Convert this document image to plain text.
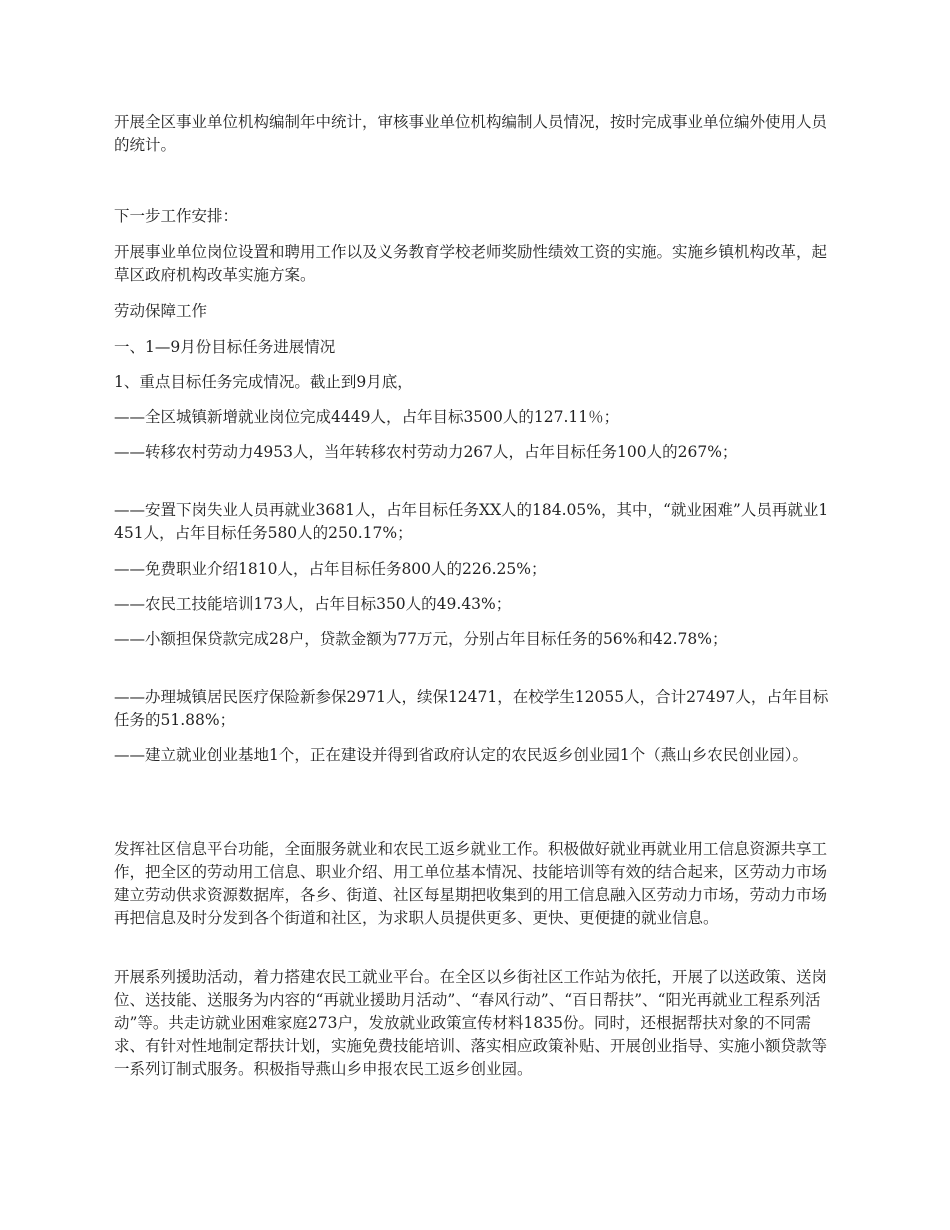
开展全区事业单位机构编制年中统计，审核事业单位机构编制人员情况，按时完成事业单位编外使用人员的统计。

下一步工作安排：

开展事业单位岗位设置和聘用工作以及义务教育学校老师奖励性绩效工资的实施。实施乡镇机构改革，起草区政府机构改革实施方案。

劳动保障工作

一、1—9月份目标任务进展情况

1、重点目标任务完成情况。截止到9月底，

——全区城镇新增就业岗位完成4449人，占年目标3500人的127.11％；

——转移农村劳动力4953人，当年转移农村劳动力267人，占年目标任务100人的267%；

——安置下岗失业人员再就业3681人，占年目标任务XX人的184.05%，其中，“就业困难”人员再就业1451人，占年目标任务580人的250.17%；

——免费职业介绍1810人，占年目标任务800人的226.25%；

——农民工技能培训173人，占年目标350人的49.43%；

——小额担保贷款完成28户，贷款金额为77万元，分别占年目标任务的56%和42.78%；

——办理城镇居民医疗保险新参保2971人，续保12471，在校学生12055人，合计27497人，占年目标任务的51.88%；

——建立就业创业基地1个，正在建设并得到省政府认定的农民返乡创业园1个（燕山乡农民创业园）。

发挥社区信息平台功能，全面服务就业和农民工返乡就业工作。积极做好就业再就业用工信息资源共享工作，把全区的劳动用工信息、职业介绍、用工单位基本情况、技能培训等有效的结合起来，区劳动力市场建立劳动供求资源数据库，各乡、街道、社区每星期把收集到的用工信息融入区劳动力市场，劳动力市场再把信息及时分发到各个街道和社区，为求职人员提供更多、更快、更便捷的就业信息。

开展系列援助活动，着力搭建农民工就业平台。在全区以乡街社区工作站为依托，开展了以送政策、送岗位、送技能、送服务为内容的“再就业援助月活动”、“春风行动”、“百日帮扶”、“阳光再就业工程系列活动”等。共走访就业困难家庭273户，发放就业政策宣传材料1835份。同时，还根据帮扶对象的不同需求、有针对性地制定帮扶计划，实施免费技能培训、落实相应政策补贴、开展创业指导、实施小额贷款等一系列订制式服务。积极指导燕山乡申报农民工返乡创业园。
